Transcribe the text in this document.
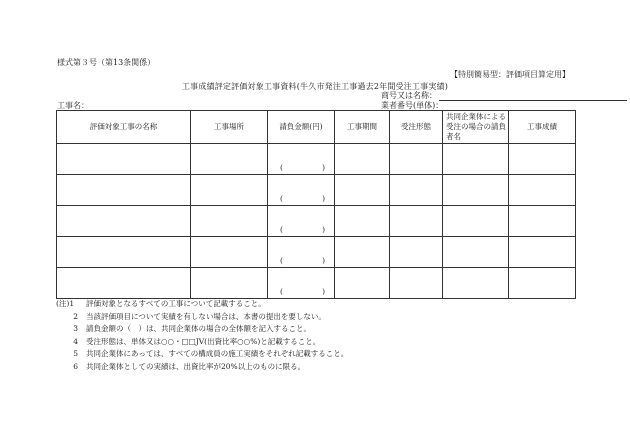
様式第３号（第13条関係）
【特別簡易型：評価項目算定用】
工事成績評定評価対象工事資料(牛久市発注工事過去2年間受注工事実績)
商号又は名称：
工事名：	業者番号(単体)：
評価対象工事の名称	工事場所	請負金額(円)	工事期間	受注形態	共同企業体による受注の場合の請負者名	工事成績

		( )				

		( )				

		( )				

		( )				

		( )				

(注)1	評価対象となるすべての工事について記載すること。
2	当該評価項目について実績を有しない場合は、本書の提出を要しない。
3	請負金額の（　）は、共同企業体の場合の全体額を記入すること。
4	受注形態は、単体又は○○・□□JV(出資比率○○%)と記載すること。
5	共同企業体にあっては、すべての構成員の施工実績をそれぞれ記載すること。
6	共同企業体としての実績は、出資比率が20%以上のものに限る。
